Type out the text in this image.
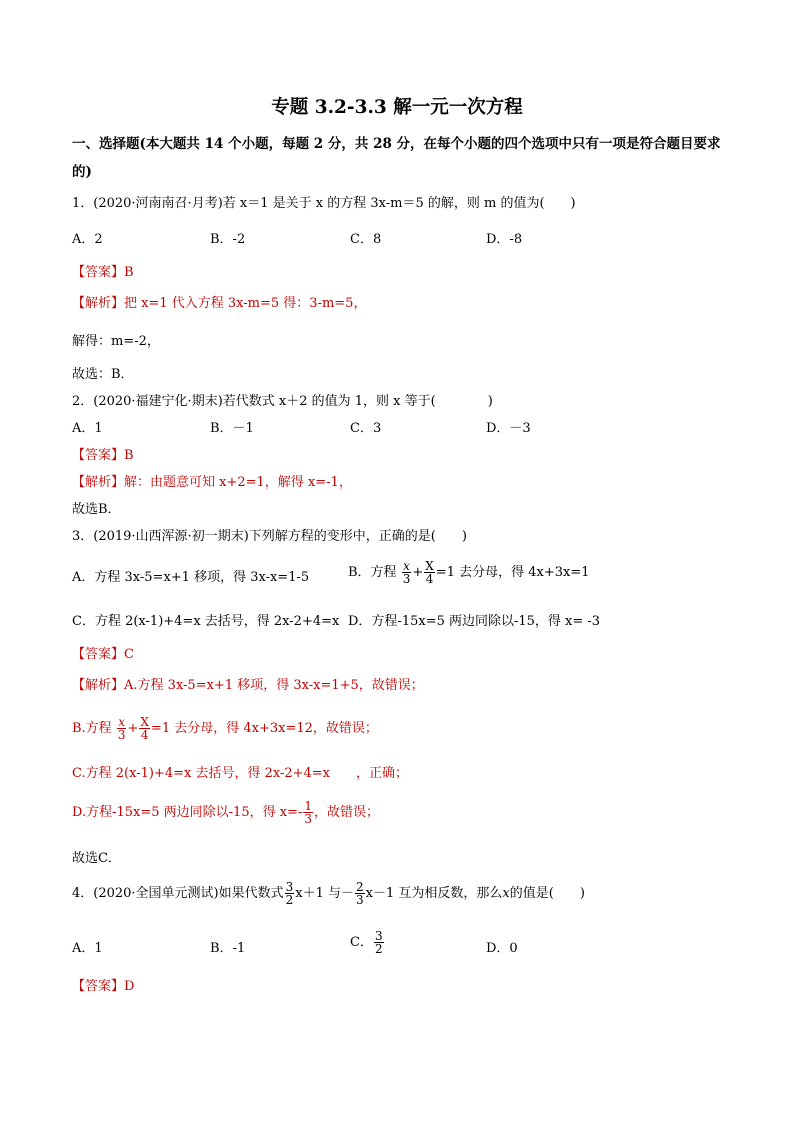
专题 3.2-3.3 解一元一次方程
一、选择题(本大题共 14 个小题，每题 2 分，共 28 分，在每个小题的四个选项中只有一项是符合题目要求
的)
1．(2020·河南南召·月考)若 x＝1 是关于 x 的方程 3x-m＝5 的解，则 m 的值为(　　)
A．2	B．-2	C．8	D．-8
【答案】B
【解析】把 x=1 代入方程 3x-m=5 得：3-m=5，
解得：m=-2，
故选：B．
2．(2020·福建宁化·期末)若代数式 x＋2 的值为 1，则 x 等于(　　　　)
A．1	B．－1	C．3	D．－3
【答案】B
【解析】解：由题意可知 x+2=1，解得 x=-1，
故选B．
3．(2019·山西浑源·初一期末)下列解方程的变形中，正确的是(　　)
A．方程 3x-5=x+1 移项，得 3x-x=1-5	B．方程 $\frac{x}{3} + \frac{X}{4} =1$ 去分母，得 4x+3x=1
C．方程 2(x-1)+4=x 去括号，得 2x-2+4=x D．方程-15x=5 两边同除以-15，得 x= -3
【答案】C
【解析】A.方程 3x-5=x+1 移项，得 3x-x=1+5，故错误；
B.方程 $\frac{x}{3} + \frac{X}{4} =1$ 去分母，得 4x+3x=12，故错误；
C.方程 2(x-1)+4=x 去括号，得 2x-2+4=x　　，正确；
D.方程-15x=5 两边同除以-15，得 $x=- \frac{1}{3}$ ，故错误；
故选C．
4．(2020·全国单元测试)如果代数式 $\frac{3}{2} x+1$ 与－ $\frac{2}{3} x-1$ 互为相反数，那么x的值是(　　)
A．1	B．-1	C． $\frac{3}{2}$	D．0
【答案】D
